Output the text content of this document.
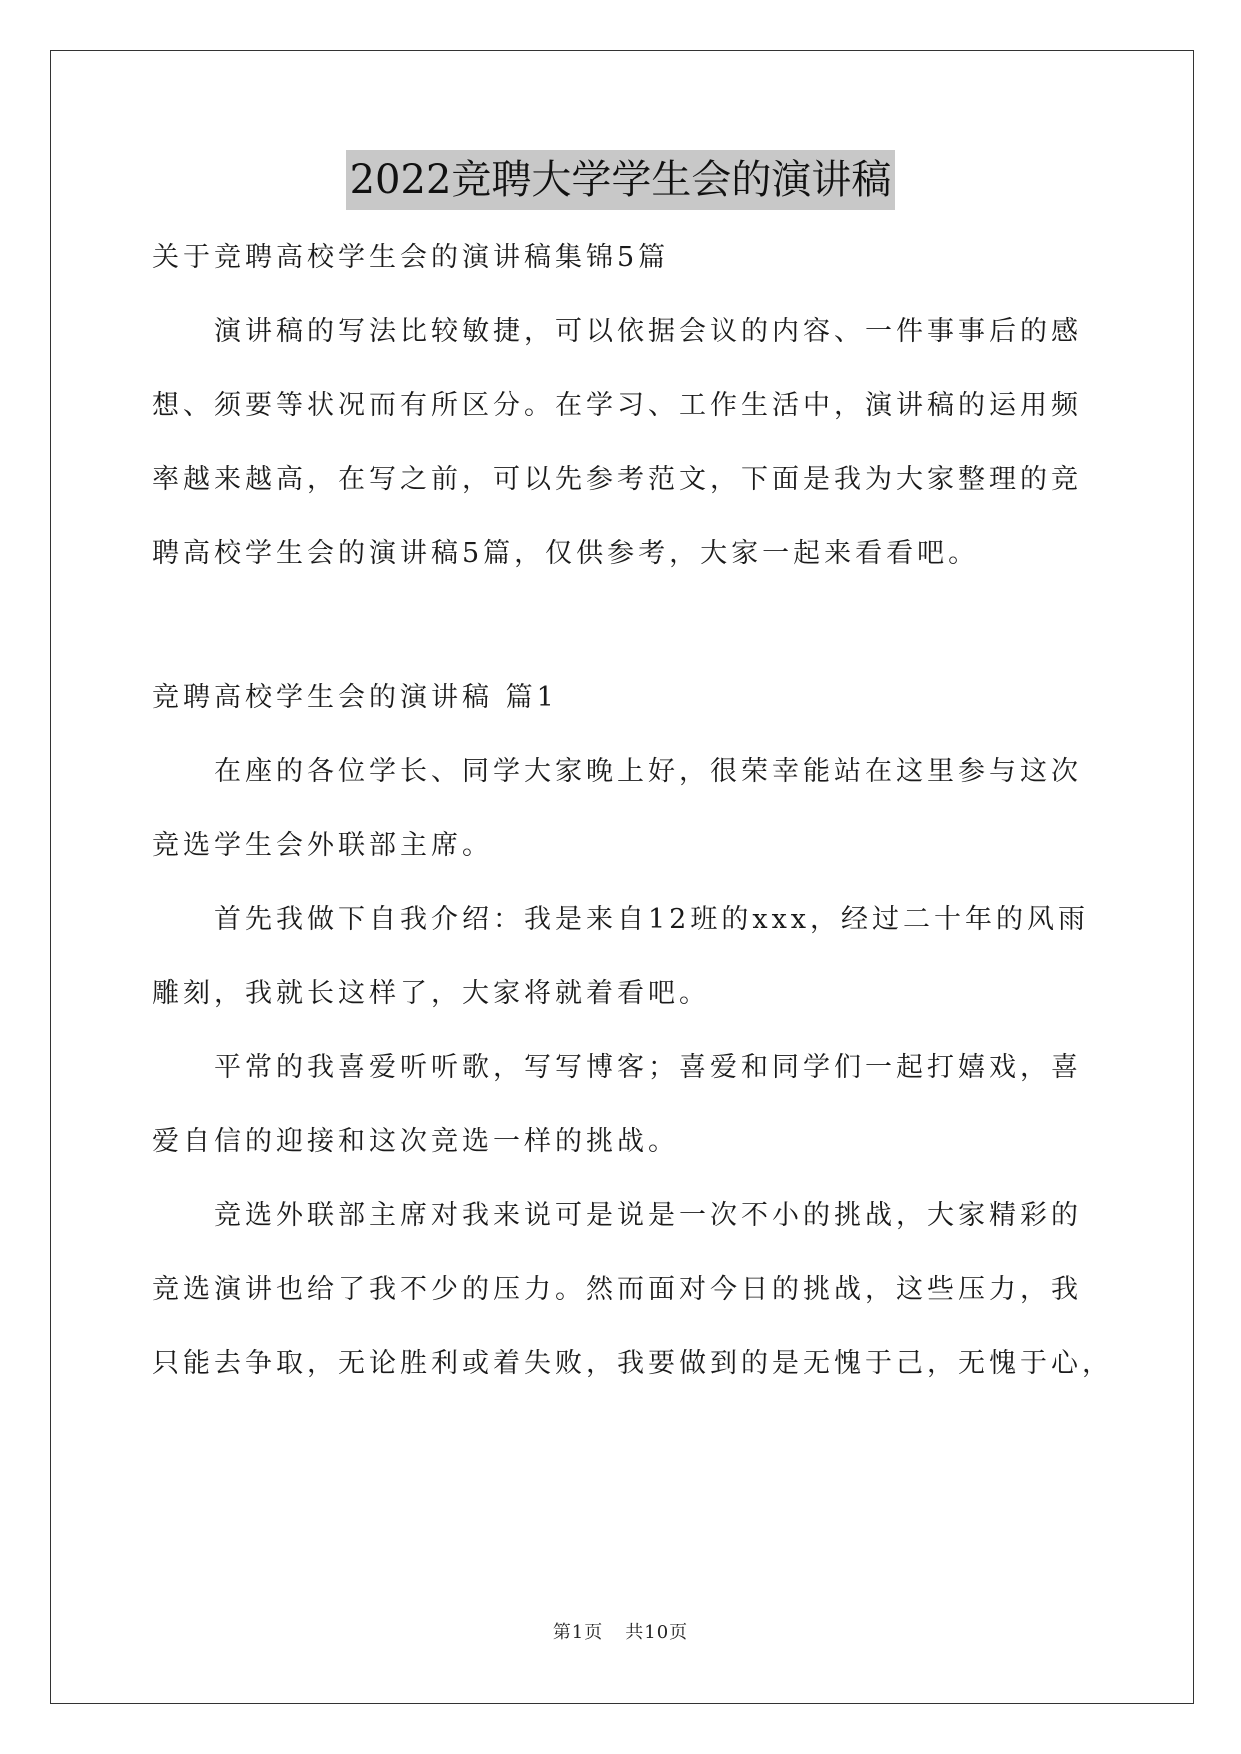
2022竞聘大学学生会的演讲稿
关于竞聘高校学生会的演讲稿集锦5篇
演讲稿的写法比较敏捷，可以依据会议的内容、一件事事后的感
想、须要等状况而有所区分。在学习、工作生活中，演讲稿的运用频
率越来越高，在写之前，可以先参考范文，下面是我为大家整理的竞
聘高校学生会的演讲稿5篇，仅供参考，大家一起来看看吧。
竞聘高校学生会的演讲稿 篇1
在座的各位学长、同学大家晚上好，很荣幸能站在这里参与这次
竞选学生会外联部主席。
首先我做下自我介绍：我是来自12班的xxx，经过二十年的风雨
雕刻，我就长这样了，大家将就着看吧。
平常的我喜爱听听歌，写写博客；喜爱和同学们一起打嬉戏，喜
爱自信的迎接和这次竞选一样的挑战。
竞选外联部主席对我来说可是说是一次不小的挑战，大家精彩的
竞选演讲也给了我不少的压力。然而面对今日的挑战，这些压力，我
只能去争取，无论胜利或着失败，我要做到的是无愧于己，无愧于心，
第1页 共10页
